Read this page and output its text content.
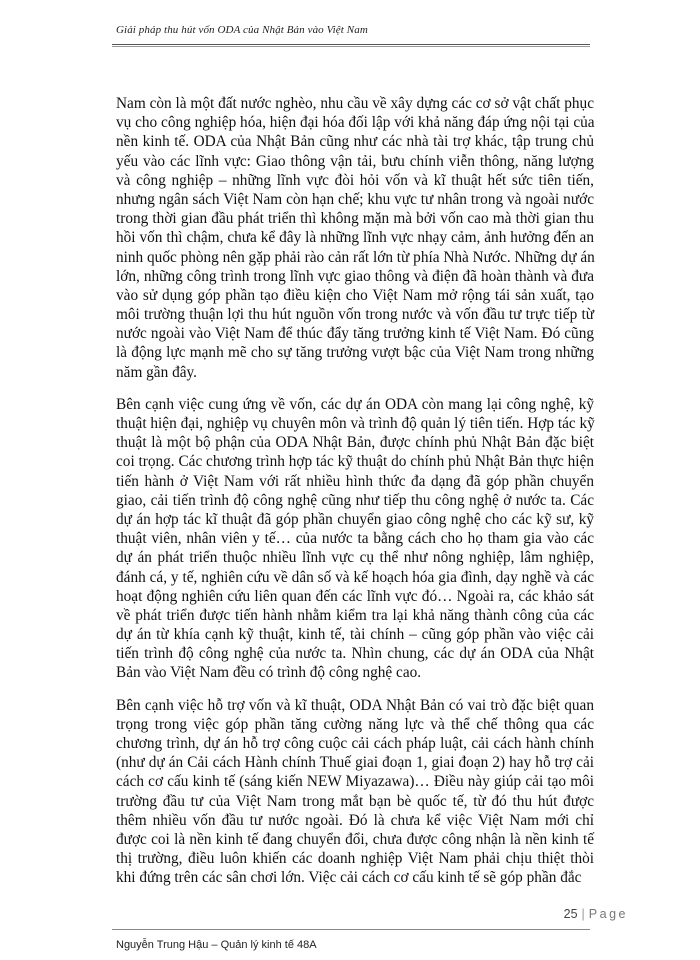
Giải pháp thu hút vốn ODA của Nhật Bản vào Việt Nam
Nam còn là một đất nước nghèo, nhu cầu về xây dựng các cơ sở vật chất phục
vụ cho công nghiệp hóa, hiện đại hóa đối lập với khả năng đáp ứng nội tại của
nền kinh tế. ODA của Nhật Bản cũng như các nhà tài trợ khác, tập trung chủ
yếu vào các lĩnh vực: Giao thông vận tải, bưu chính viễn thông, năng lượng
và công nghiệp – những lĩnh vực đòi hỏi vốn và kĩ thuật hết sức tiên tiến,
nhưng ngân sách Việt Nam còn hạn chế; khu vực tư nhân trong và ngoài nước
trong thời gian đầu phát triển thì không mặn mà bởi vốn cao mà thời gian thu
hồi vốn thì chậm, chưa kể đây là những lĩnh vực nhạy cảm, ảnh hưởng đến an
ninh quốc phòng nên gặp phải rào cản rất lớn từ phía Nhà Nước. Những dự án
lớn, những công trình trong lĩnh vực giao thông và điện đã hoàn thành và đưa
vào sử dụng góp phần tạo điều kiện cho Việt Nam mở rộng tái sản xuất, tạo
môi trường thuận lợi thu hút nguồn vốn trong nước và vốn đầu tư trực tiếp từ
nước ngoài vào Việt Nam để thúc đẩy tăng trưởng kinh tế Việt Nam. Đó cũng
là động lực mạnh mẽ cho sự tăng trưởng vượt bậc của Việt Nam trong những
năm gần đây.
Bên cạnh việc cung ứng về vốn, các dự án ODA còn mang lại công nghệ, kỹ
thuật hiện đại, nghiệp vụ chuyên môn và trình độ quản lý tiên tiến. Hợp tác kỹ
thuật là một bộ phận của ODA Nhật Bản, được chính phủ Nhật Bản đặc biệt
coi trọng. Các chương trình hợp tác kỹ thuật do chính phủ Nhật Bản thực hiện
tiến hành ở Việt Nam với rất nhiều hình thức đa dạng đã góp phần chuyển
giao, cải tiến trình độ công nghệ cũng như tiếp thu công nghệ ở nước ta. Các
dự án hợp tác kĩ thuật đã góp phần chuyển giao công nghệ cho các kỹ sư, kỹ
thuật viên, nhân viên y tế… của nước ta bằng cách cho họ tham gia vào các
dự án phát triển thuộc nhiều lĩnh vực cụ thể như nông nghiệp, lâm nghiệp,
đánh cá, y tế, nghiên cứu về dân số và kế hoạch hóa gia đình, dạy nghề và các
hoạt động nghiên cứu liên quan đến các lĩnh vực đó… Ngoài ra, các khảo sát
về phát triển được tiến hành nhằm kiểm tra lại khả năng thành công của các
dự án từ khía cạnh kỹ thuật, kinh tế, tài chính – cũng góp phần vào việc cải
tiến trình độ công nghệ của nước ta. Nhìn chung, các dự án ODA của Nhật
Bản vào Việt Nam đều có trình độ công nghệ cao.
Bên cạnh việc hỗ trợ vốn và kĩ thuật, ODA Nhật Bản có vai trò đặc biệt quan
trọng trong việc góp phần tăng cường năng lực và thể chế thông qua các
chương trình, dự án hỗ trợ công cuộc cải cách pháp luật, cải cách hành chính
(như dự án Cải cách Hành chính Thuế giai đoạn 1, giai đoạn 2) hay hỗ trợ cải
cách cơ cấu kinh tế (sáng kiến NEW Miyazawa)… Điều này giúp cải tạo môi
trường đầu tư của Việt Nam trong mắt bạn bè quốc tế, từ đó thu hút được
thêm nhiều vốn đầu tư nước ngoài. Đó là chưa kể việc Việt Nam mới chỉ
được coi là nền kinh tế đang chuyển đổi, chưa được công nhận là nền kinh tế
thị trường, điều luôn khiến các doanh nghiệp Việt Nam phải chịu thiệt thòi
khi đứng trên các sân chơi lớn. Việc cải cách cơ cấu kinh tế sẽ góp phần đắc
25 | Page
Nguyễn Trung Hậu – Quản lý kinh tế 48A
